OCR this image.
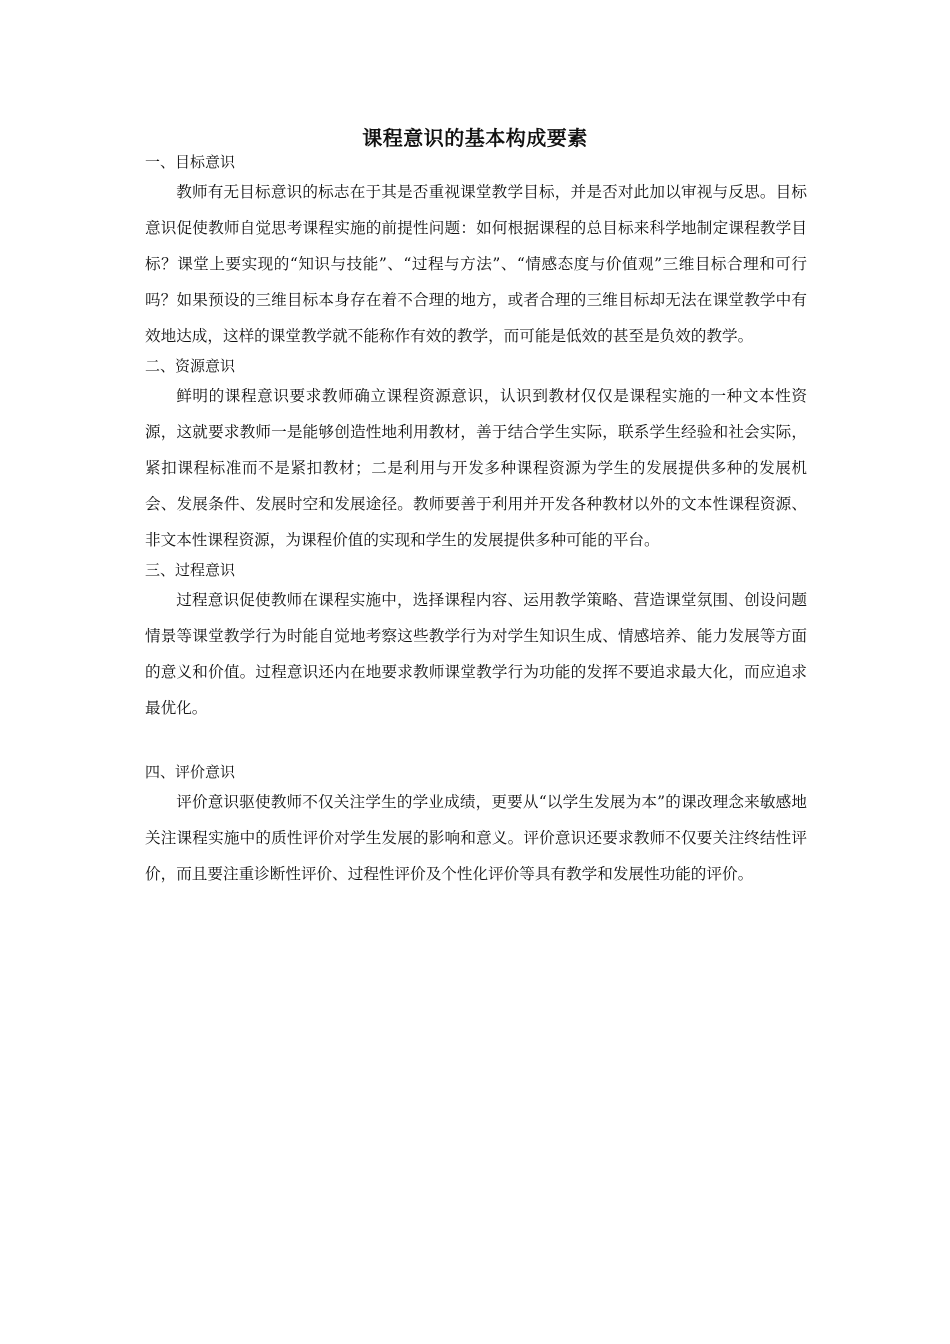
课程意识的基本构成要素
一、目标意识

教师有无目标意识的标志在于其是否重视课堂教学目标，并是否对此加以审视与反思。目标意识促使教师自觉思考课程实施的前提性问题：如何根据课程的总目标来科学地制定课程教学目标？课堂上要实现的“知识与技能”、“过程与方法”、“情感态度与价值观”三维目标合理和可行吗？如果预设的三维目标本身存在着不合理的地方，或者合理的三维目标却无法在课堂教学中有效地达成，这样的课堂教学就不能称作有效的教学，而可能是低效的甚至是负效的教学。

二、资源意识

鲜明的课程意识要求教师确立课程资源意识，认识到教材仅仅是课程实施的一种文本性资源，这就要求教师一是能够创造性地利用教材，善于结合学生实际，联系学生经验和社会实际，紧扣课程标准而不是紧扣教材；二是利用与开发多种课程资源为学生的发展提供多种的发展机会、发展条件、发展时空和发展途径。教师要善于利用并开发各种教材以外的文本性课程资源、非文本性课程资源，为课程价值的实现和学生的发展提供多种可能的平台。

三、过程意识

过程意识促使教师在课程实施中，选择课程内容、运用教学策略、营造课堂氛围、创设问题情景等课堂教学行为时能自觉地考察这些教学行为对学生知识生成、情感培养、能力发展等方面的意义和价值。过程意识还内在地要求教师课堂教学行为功能的发挥不要追求最大化，而应追求最优化。

四、评价意识

评价意识驱使教师不仅关注学生的学业成绩，更要从“以学生发展为本”的课改理念来敏感地关注课程实施中的质性评价对学生发展的影响和意义。评价意识还要求教师不仅要关注终结性评价，而且要注重诊断性评价、过程性评价及个性化评价等具有教学和发展性功能的评价。
